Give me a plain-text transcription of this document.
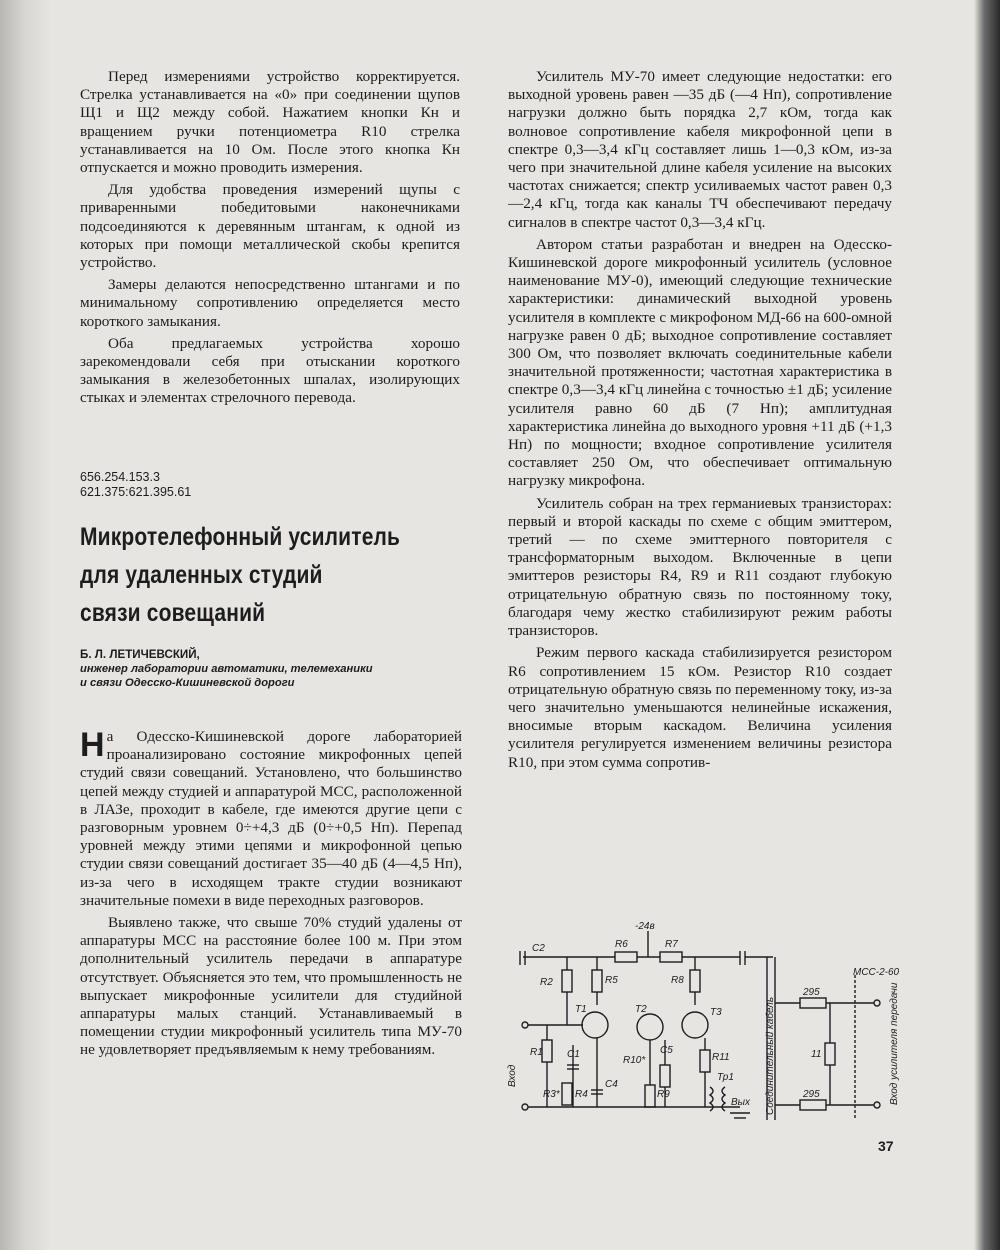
Перед измерениями устройство корректируется. Стрелка устанавливается на «0» при соединении щупов Щ1 и Щ2 между собой. Нажатием кнопки Кн и вращением ручки потенциометра R10 стрелка устанавливается на 10 Ом. После этого кнопка Кн отпускается и можно проводить измерения.

Для удобства проведения измерений щупы с приваренными победитовыми наконечниками подсоединяются к деревянным штангам, к одной из которых при помощи металлической скобы крепится устройство.

Замеры делаются непосредственно штангами и по минимальному сопротивлению определяется место короткого замыкания.

Оба предлагаемых устройства хорошо зарекомендовали себя при отыскании короткого замыкания в железобетонных шпалах, изолирующих стыках и элементах стрелочного перевода.

656.254.153.3
621.375:621.395.61
Микротелефонный усилитель
для удаленных студий
связи совещаний
Б. Л. ЛЕТИЧЕВСКИЙ,
инженер лаборатории автоматики, телемеханики
и связи Одесско-Кишиневской дороги

На Одесско-Кишиневской дороге лабораторией проанализировано состояние микрофонных цепей студий связи совещаний. Установлено, что большинство цепей между студией и аппаратурой МСС, расположенной в ЛАЗе, проходит в кабеле, где имеются другие цепи с разговорным уровнем 0÷+4,3 дБ (0÷+0,5 Нп). Перепад уровней между этими цепями и микрофонной цепью студии связи совещаний достигает 35—40 дБ (4—4,5 Нп), из-за чего в исходящем тракте студии возникают значительные помехи в виде переходных разговоров.

Выявлено также, что свыше 70% студий удалены от аппаратуры МСС на расстояние более 100 м. При этом дополнительный усилитель передачи в аппаратуре отсутствует. Объясняется это тем, что промышленность не выпускает микрофонные усилители для студийной аппаратуры малых станций. Устанавливаемый в помещении студии микрофонный усилитель типа МУ-70 не удовлетворяет предъявляемым к нему требованиям.

Усилитель МУ-70 имеет следующие недостатки: его выходной уровень равен —35 дБ (—4 Нп), сопротивление нагрузки должно быть порядка 2,7 кОм, тогда как волновое сопротивление кабеля микрофонной цепи в спектре 0,3—3,4 кГц составляет лишь 1—0,3 кОм, из-за чего при значительной длине кабеля усиление на высоких частотах снижается; спектр усиливаемых частот равен 0,3—2,4 кГц, тогда как каналы ТЧ обеспечивают передачу сигналов в спектре частот 0,3—3,4 кГц.

Автором статьи разработан и внедрен на Одесско-Кишиневской дороге микрофонный усилитель (условное наименование МУ-0), имеющий следующие технические характеристики: динамический выходной уровень усилителя в комплекте с микрофоном МД-66 на 600-омной нагрузке равен 0 дБ; выходное сопротивление составляет 300 Ом, что позволяет включать соединительные кабели значительной протяженности; частотная характеристика в спектре 0,3—3,4 кГц линейна с точностью ±1 дБ; усиление усилителя равно 60 дБ (7 Нп); амплитудная характеристика линейна до выходного уровня +11 дБ (+1,3 Нп) по мощности; входное сопротивление усилителя составляет 250 Ом, что обеспечивает оптимальную нагрузку микрофона.

Усилитель собран на трех германиевых транзисторах: первый и второй каскады по схеме с общим эмиттером, третий — по схеме эмиттерного повторителя с трансформаторным выходом. Включенные в цепи эмиттеров резисторы R4, R9 и R11 создают глубокую отрицательную обратную связь по постоянному току, благодаря чему жестко стабилизируют режим работы транзисторов.

Режим первого каскада стабилизируется резистором R6 сопротивлением 15 кОм. Резистор R10 создает отрицательную обратную связь по переменному току, из-за чего значительно уменьшаются нелинейные искажения, вносимые вторым каскадом. Величина усиления усилителя регулируется изменением величины резистора R10, при этом сумма сопротив-

-24в
C2	R6	R7
R2	R5	R8
T1	T2	T3
Вход
R1 C1
R10*
C5
R11
Тр1
Вых
R3* R4
C4
R9	Соединительный кабель
295
295
11
МСС-2-60
Вход усилителя передачи
37
